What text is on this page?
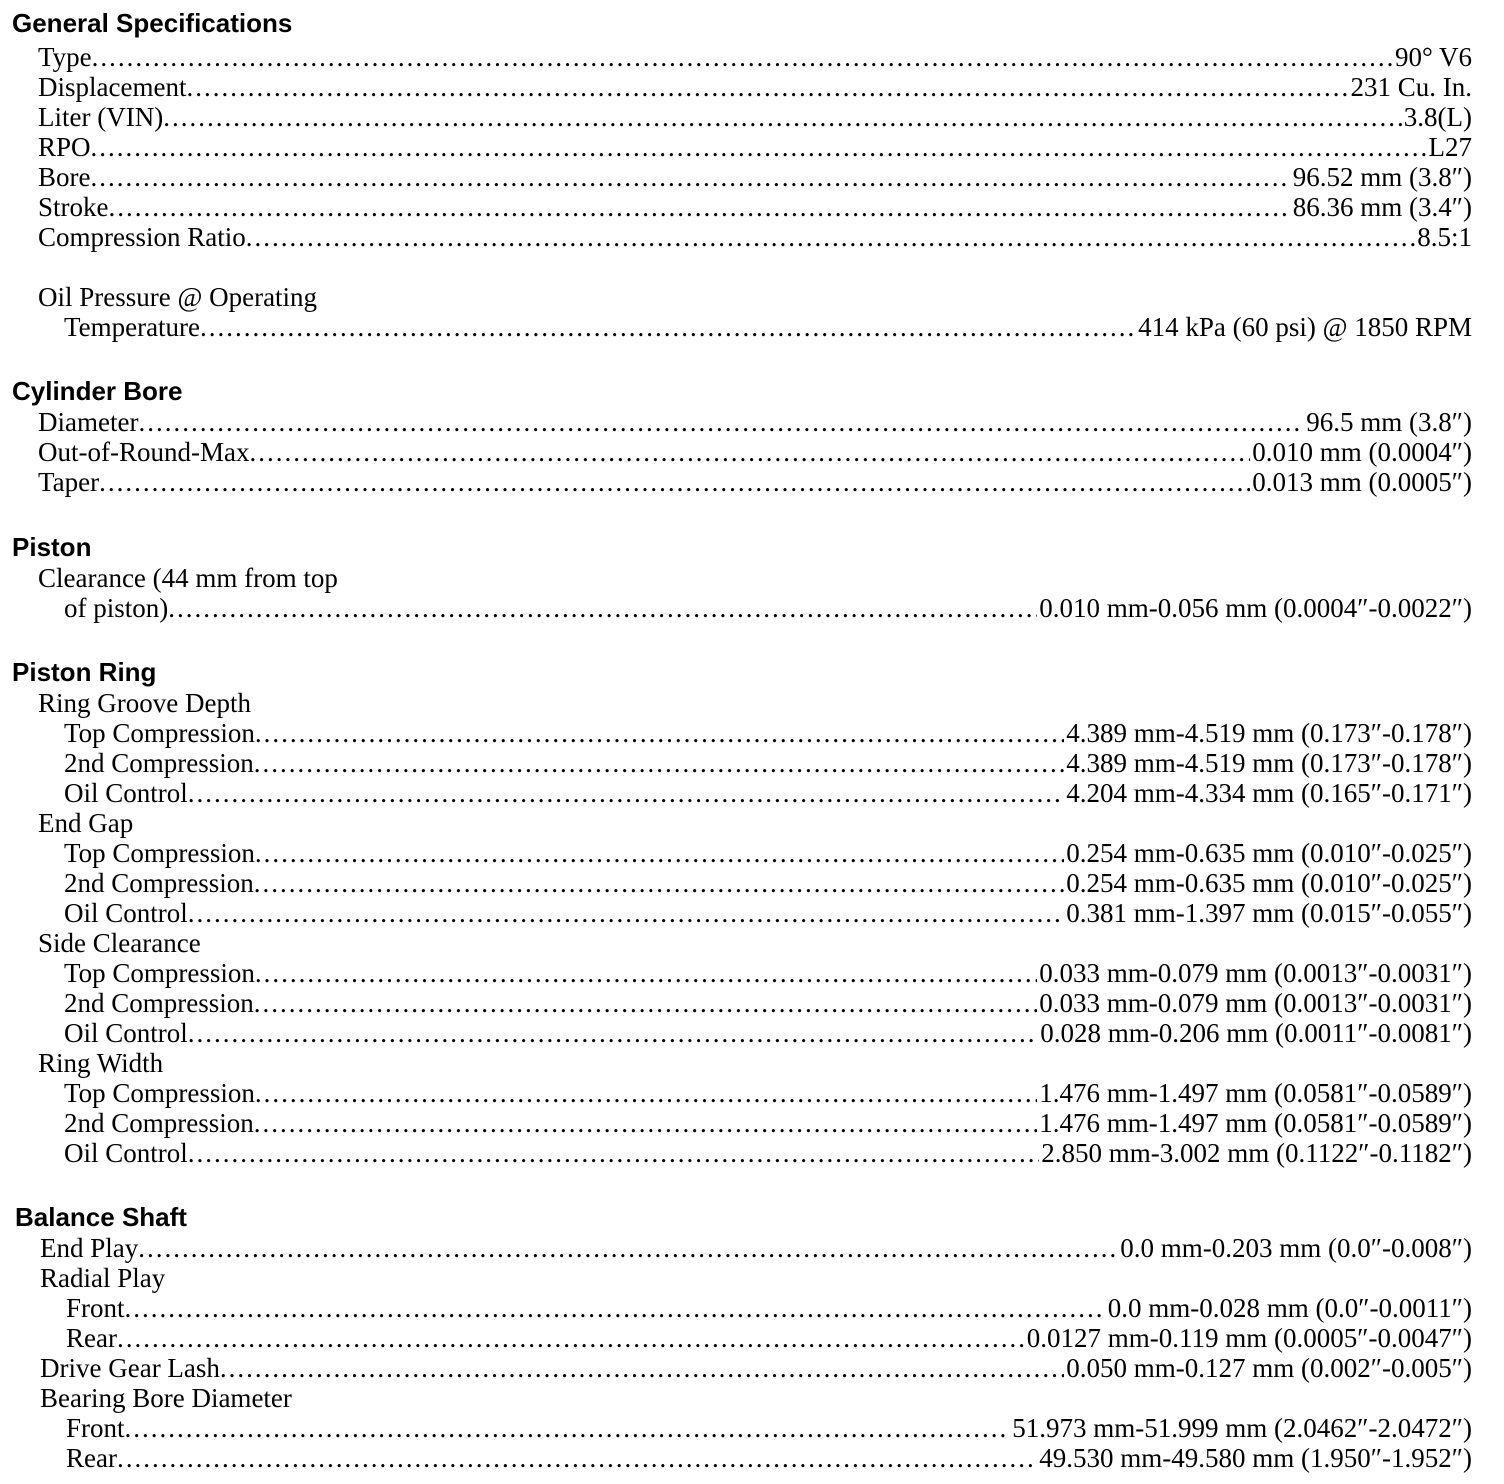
General Specifications
Type .....	90° V6
Displacement .....	231 Cu. In.
Liter (VIN) .....	3.8(L)
RPO .....	L27
Bore .....	96.52 mm (3.8″)
Stroke .....	86.36 mm (3.4″)
Compression Ratio .....	8.5:1
Oil Pressure @ Operating
Temperature .....	414 kPa (60 psi) @ 1850 RPM
Cylinder Bore
Diameter .....	96.5 mm (3.8″)
Out-of-Round-Max .....	0.010 mm (0.0004″)
Taper .....	0.013 mm (0.0005″)
Piston
Clearance (44 mm from top
of piston) .....	0.010 mm-0.056 mm (0.0004″-0.0022″)
Piston Ring
Ring Groove Depth
Top Compression .....	4.389 mm-4.519 mm (0.173″-0.178″)
2nd Compression .....	4.389 mm-4.519 mm (0.173″-0.178″)
Oil Control .....	4.204 mm-4.334 mm (0.165″-0.171″)
End Gap
Top Compression .....	0.254 mm-0.635 mm (0.010″-0.025″)
2nd Compression .....	0.254 mm-0.635 mm (0.010″-0.025″)
Oil Control .....	0.381 mm-1.397 mm (0.015″-0.055″)
Side Clearance
Top Compression .....	0.033 mm-0.079 mm (0.0013″-0.0031″)
2nd Compression .....	0.033 mm-0.079 mm (0.0013″-0.0031″)
Oil Control .....	0.028 mm-0.206 mm (0.0011″-0.0081″)
Ring Width
Top Compression .....	1.476 mm-1.497 mm (0.0581″-0.0589″)
2nd Compression .....	1.476 mm-1.497 mm (0.0581″-0.0589″)
Oil Control .....	2.850 mm-3.002 mm (0.1122″-0.1182″)
Balance Shaft
End Play .....	0.0 mm-0.203 mm (0.0″-0.008″)
Radial Play
Front .....	0.0 mm-0.028 mm (0.0″-0.0011″)
Rear .....	0.0127 mm-0.119 mm (0.0005″-0.0047″)
Drive Gear Lash .....	0.050 mm-0.127 mm (0.002″-0.005″)
Bearing Bore Diameter
Front .....	51.973 mm-51.999 mm (2.0462″-2.0472″)
Rear .....	49.530 mm-49.580 mm (1.950″-1.952″)
